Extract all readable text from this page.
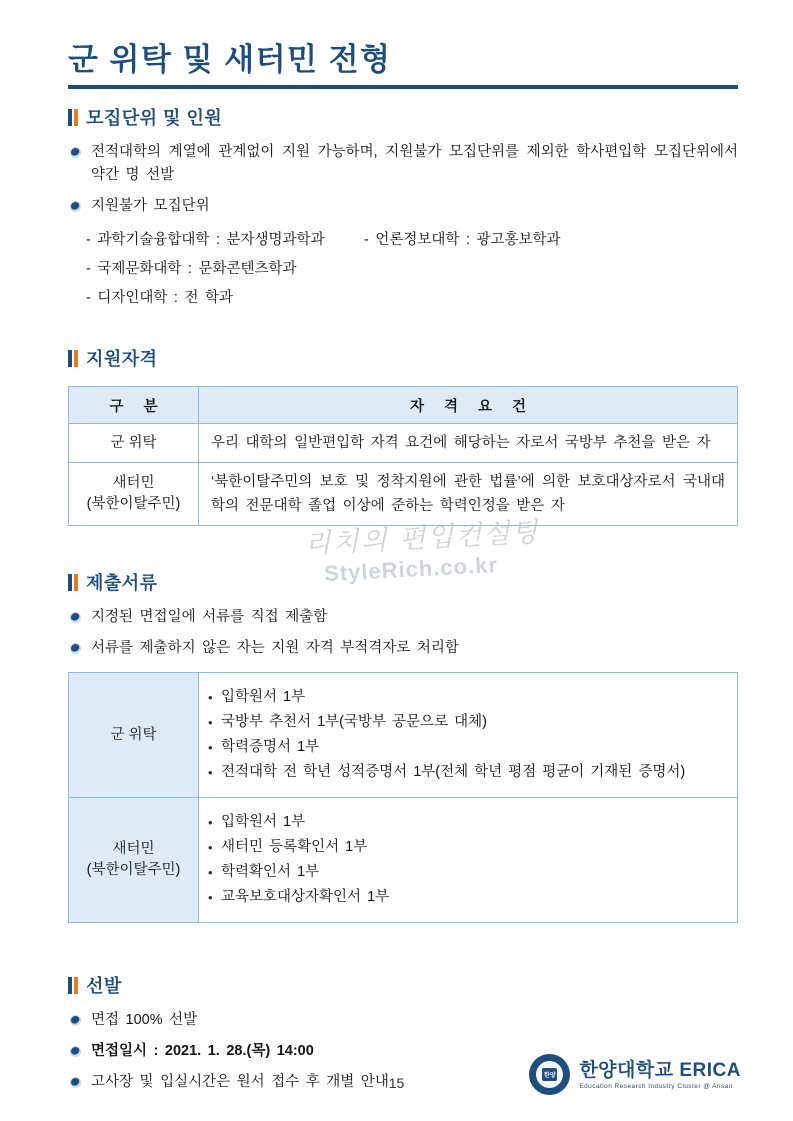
리치의 편입컨설팅
StyleRich.co.kr
군 위탁 및 새터민 전형
모집단위 및 인원
전적대학의 계열에 관계없이 지원 가능하며, 지원불가 모집단위를 제외한 학사편입학 모집단위에서 약간 명 선발
지원불가 모집단위
- 과학기술융합대학 : 분자생명과학과	- 언론정보대학 : 광고홍보학과
- 국제문화대학 : 문화콘텐츠학과
- 디자인대학 : 전 학과
지원자격
구 분	자 격 요 건

군 위탁	우리 대학의 일반편입학 자격 요건에 해당하는 자로서 국방부 추천을 받은 자

새터민
(북한이탈주민)	‘북한이탈주민의 보호 및 정착지원에 관한 법률’에 의한 보호대상자로서 국내대학의 전문대학 졸업 이상에 준하는 학력인정을 받은 자
제출서류
지정된 면접일에 서류를 직접 제출함
서류를 제출하지 않은 자는 지원 자격 부적격자로 처리함
군 위탁

• 입학원서 1부
• 국방부 추천서 1부(국방부 공문으로 대체)
• 학력증명서 1부
• 전적대학 전 학년 성적증명서 1부(전체 학년 평점 평균이 기재된 증명서)

새터민
(북한이탈주민)

• 입학원서 1부
• 새터민 등록확인서 1부
• 학력확인서 1부
• 교육보호대상자확인서 1부
선발
면접 100% 선발
면접일시 : 2021. 1. 28.(목) 14:00
고사장 및 입실시간은 원서 접수 후 개별 안내 15	한양 한양대학교 ERICA
Education Research Industry Cluster @ Ansan
